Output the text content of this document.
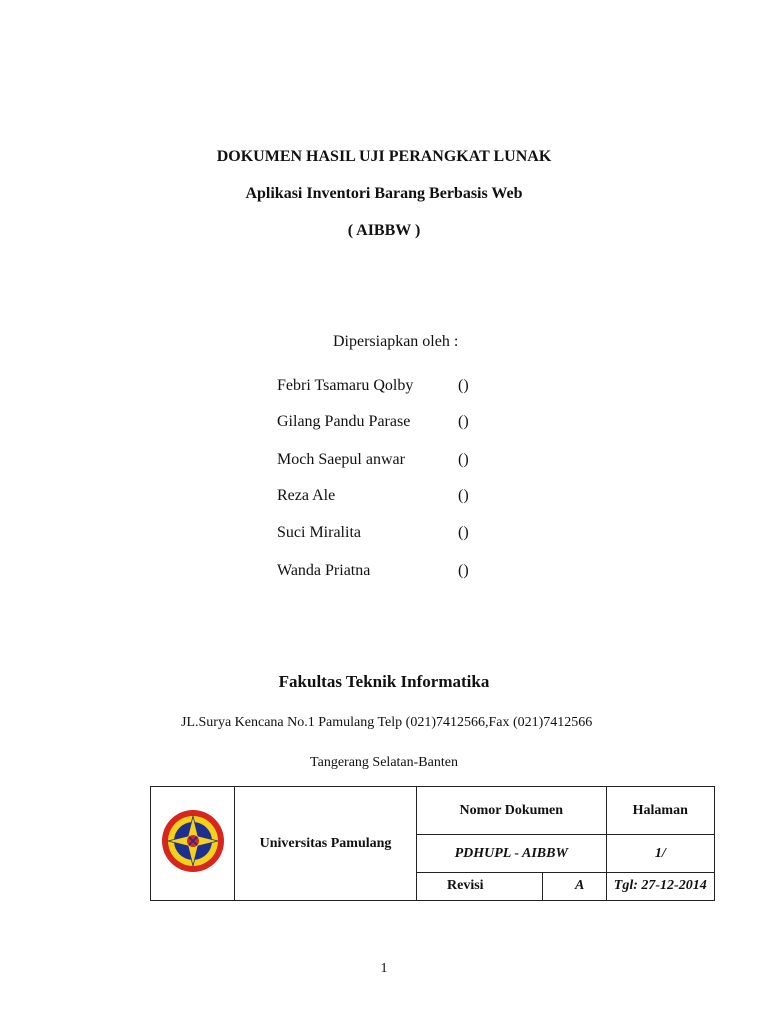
DOKUMEN HASIL UJI PERANGKAT LUNAK
Aplikasi Inventori Barang Berbasis Web
( AIBBW )
Dipersiapkan oleh :
Febri Tsamaru Qolby	()
Gilang Pandu Parase	()
Moch Saepul anwar	()
Reza Ale	()
Suci Miralita	()
Wanda Priatna	()
Fakultas Teknik Informatika
JL.Surya Kencana No.1 Pamulang Telp (021)7412566,Fax (021)7412566
Tangerang Selatan-Banten
	Universitas Pamulang	Nomor Dokumen		Halaman
		PDHUPL - AIBBW		1/
		Revisi	A	Tgl: 27-12-2014
1
